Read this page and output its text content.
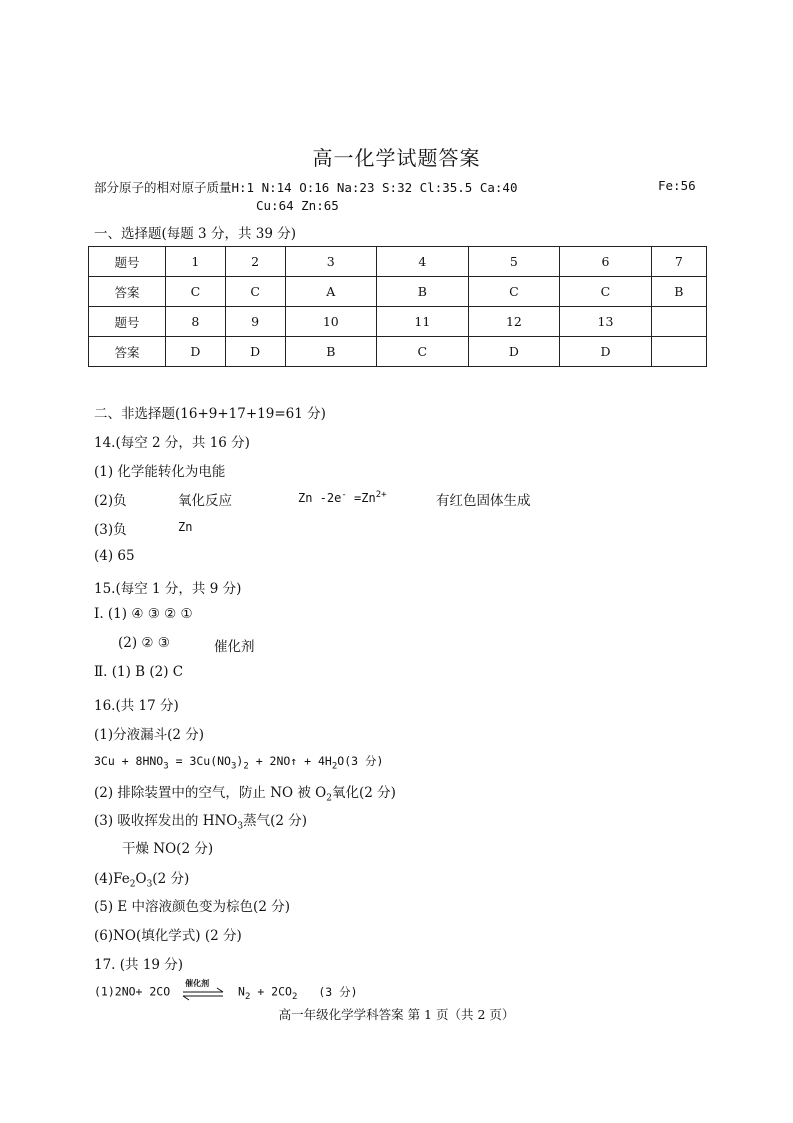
高一化学试题答案
部分原子的相对原子质量H:1 N:14 O:16 Na:23 S:32 Cl:35.5 Ca:40	Fe:56
Cu:64 Zn:65
一、选择题(每题 3 分，共 39 分)
题号	1	2	3	4	5	6	7
答案	C	C	A	B	C	C	B
题号	8	9	10	11	12	13	
答案	D	D	B	C	D	D	
二、非选择题(16+9+17+19=61 分)
14.(每空 2 分，共 16 分)
(1) 化学能转化为电能
(2)负	氧化反应	Zn $-2e^- =Zn^{2+}$	有红色固体生成
(3)负	Zn
(4) 65
15.(每空 1 分，共 9 分)
I. (1) ④ ③ ② ①
(2) ② ③	催化剂
Ⅱ. (1) B (2) C
16.(共 17 分)
(1)分液漏斗(2 分)
$3Cu + 8HNO_3 = 3Cu(NO_3)_2$ + 2NO↑ + $4H_2O(3$ 分)
(2) 排除装置中的空气，防止 NO 被 $O_2$氧化(2 分)
(3) 吸收挥发出的 $HNO_3$蒸气(2 分)
干燥 NO(2 分)
$(4)Fe_2O_3(2$ 分)
(5) E 中溶液颜色变为棕色(2 分)
(6)NO(填化学式) (2 分)
17. (共 19 分)
(1)2NO+ 2CO
催化剂
$N_2 + 2CO_2$ (3 分)
高一年级化学学科答案 第 1 页（共 2 页）
